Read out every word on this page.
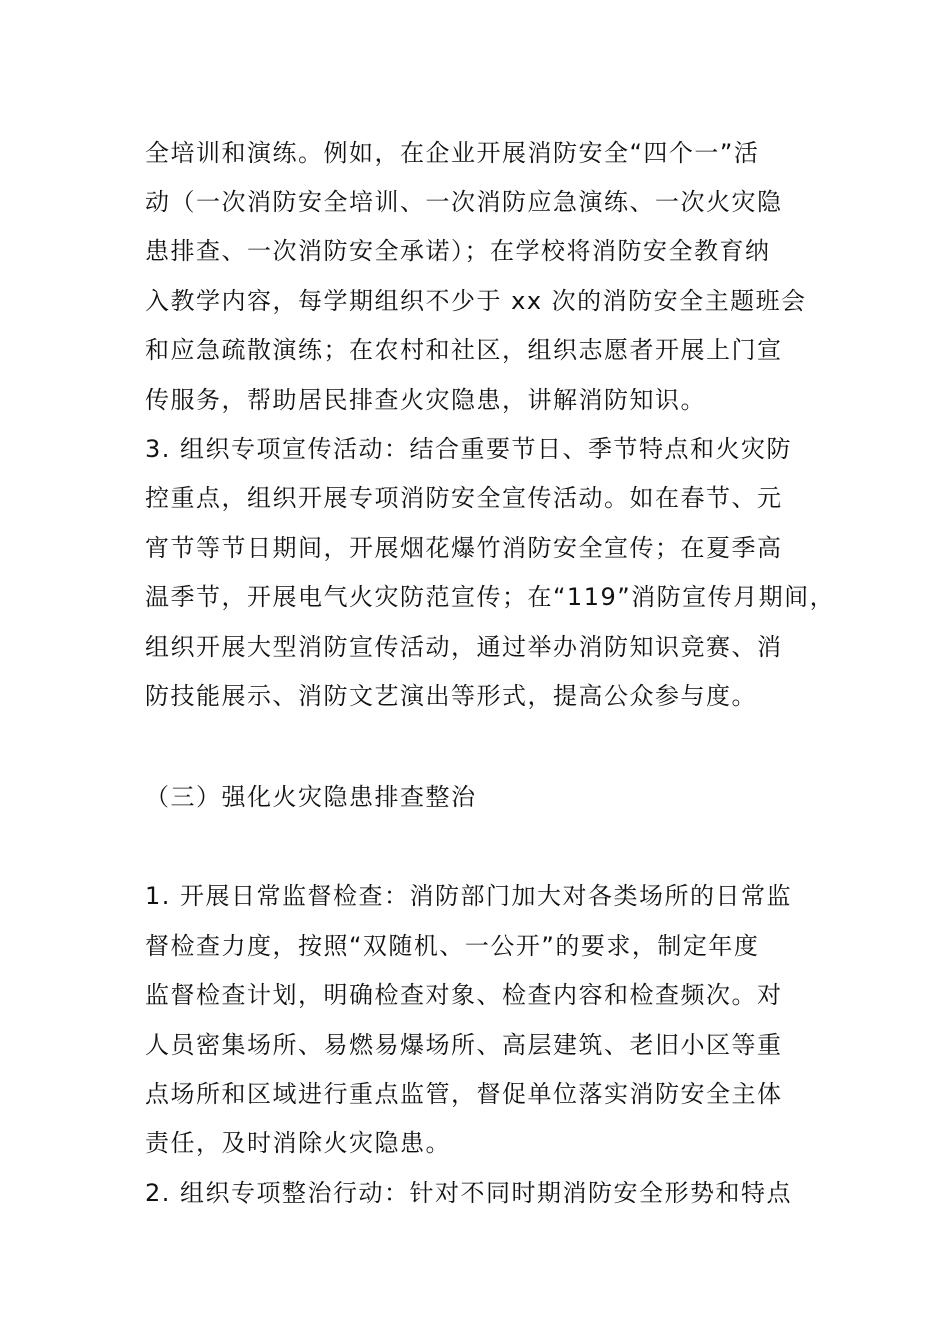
全培训和演练。例如，在企业开展消防安全“四个一”活
动（一次消防安全培训、一次消防应急演练、一次火灾隐
患排查、一次消防安全承诺）；在学校将消防安全教育纳
入教学内容，每学期组织不少于 xx 次的消防安全主题班会
和应急疏散演练；在农村和社区，组织志愿者开展上门宣
传服务，帮助居民排查火灾隐患，讲解消防知识。
3. 组织专项宣传活动：结合重要节日、季节特点和火灾防
控重点，组织开展专项消防安全宣传活动。如在春节、元
宵节等节日期间，开展烟花爆竹消防安全宣传；在夏季高
温季节，开展电气火灾防范宣传；在“119”消防宣传月期间，
组织开展大型消防宣传活动，通过举办消防知识竞赛、消
防技能展示、消防文艺演出等形式，提高公众参与度。
（三）强化火灾隐患排查整治
1. 开展日常监督检查：消防部门加大对各类场所的日常监
督检查力度，按照“双随机、一公开”的要求，制定年度
监督检查计划，明确检查对象、检查内容和检查频次。对
人员密集场所、易燃易爆场所、高层建筑、老旧小区等重
点场所和区域进行重点监管，督促单位落实消防安全主体
责任，及时消除火灾隐患。
2. 组织专项整治行动：针对不同时期消防安全形势和特点
